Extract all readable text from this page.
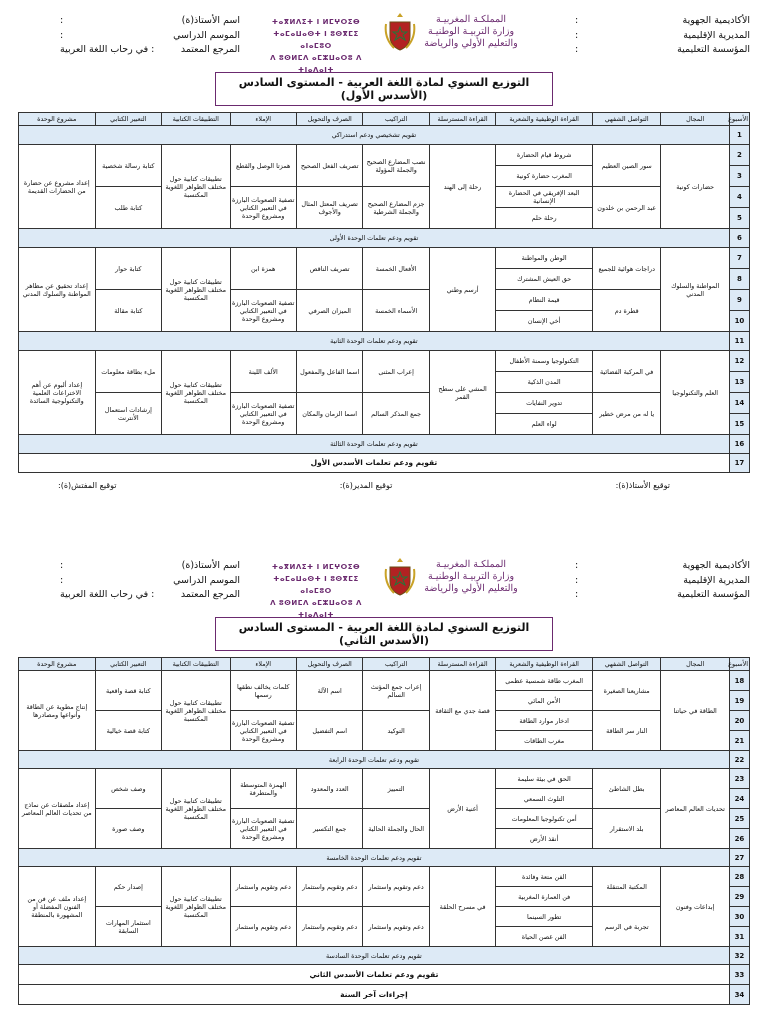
الأكاديمية الجهوية
:
المديرية الإقليمية
:
المؤسسة التعليمية
:
المملكـة المغربيـة
وزارة التربيـة الوطنيـة
والتعليم الأولي والرياضة
ⵜⴰⴳⵍⴷⵉⵜ ⵏ ⵍⵎⵖⵔⵉⴱ
ⵜⴰⵎⴰⵡⴰⵙⵜ ⵏ ⵓⵙⴳⵎⵉ ⴰⵏⴰⵎⵓⵔ
ⴷ ⵓⵙⵍⵎⴷ ⴰⵎⵣⵡⴰⵔⵓ ⴷ ⵜⵏⴰⴷⴰⵏⵜ
اسم الأستاذ(ة)
:
الموسم الدراسي
:
المرجع المعتمد
: في رحاب اللغة العربية
التوزيع السنوي لمادة اللغة العربية - المستوى السادس (الأسدس الأول)
الأسبوع	المجال	التواصل الشفهي	القراءة الوظيفية والشعرية	القراءة المسترسلة	التراكيب	الصرف والتحويل	الإملاء	التطبيقات الكتابية	التعبير الكتابي	مشروع الوحدة
1	تقويم تشخيصي ودعم استدراكي									
2	حضارات كونية	سور الصين العظيم	شروط قيام الحضارة	رحلة إلى الهند	نصب المضارع الصحيح والجملة المؤولة	تصريف الفعل الصحيح	همزتا الوصل والقطع	تطبيقات كتابية حول مختلف الظواهر اللغوية المكتسبة	كتابة رسالة شخصية	إعداد مشروع عن حضارة من الحضارات القديمة
3			المغرب حضارة كونية							
4		عبد الرحمن بن خلدون	البعد الإفريقي في الحضارة الإنسانية		جزم المضارع الصحيح والجملة الشرطية	تصريف المعتل المثال والأجوف	تصفية الصعوبات البارزة في التعبير الكتابي ومشروع الوحدة		كتابة طلب	
5			رحلة حلم							
6	تقويم ودعم تعلمات الوحدة الأولى									
7	المواطنة والسلوك المدني	دراجات هوائية للجميع	الوطن والمواطنة	أرسم وطني	الأفعال الخمسة	تصريف الناقص	همزة ابن	تطبيقات كتابية حول مختلف الظواهر اللغوية المكتسبة	كتابة حوار	إعداد تحقيق عن مظاهر المواطنة والسلوك المدني
8			حق العيش المشترك							
9		قطرة دم	قيمة النظام		الأسماء الخمسة	الميزان الصرفي	تصفية الصعوبات البارزة في التعبير الكتابي ومشروع الوحدة		كتابة مقالة	
10			أخي الإنسان							
11	تقويم ودعم تعلمات الوحدة الثانية									
12	العلم والتكنولوجيا	في المركبة الفضائية	التكنولوجيا وسمنة الأطفال	المشي على سطح القمر	إعراب المثنى	اسما الفاعل والمفعول	الألف اللينة	تطبيقات كتابية حول مختلف الظواهر اللغوية المكتسبة	ملء بطاقة معلومات	إعداد ألبوم عن أهم الاختراعات العلمية والتكنولوجية السائدة
13			المدن الذكية							
14		يا له من مرض خطير	تدوير النفايات		جمع المذكر السالم	اسما الزمان والمكان	تصفية الصعوبات البارزة في التعبير الكتابي ومشروع الوحدة		إرشادات استعمال الأنترنت	
15			لواء العلم							
16	تقويم ودعم تعلمات الوحدة الثالثة									
17	تقويم ودعم تعلمات الأسدس الأول									
توقيع الأستاذ(ة):
توقيع المدير(ة):
توقيع المفتش(ة):
الأكاديمية الجهوية
:
المديرية الإقليمية
:
المؤسسة التعليمية
:
المملكـة المغربيـة
وزارة التربيـة الوطنيـة
والتعليم الأولي والرياضة
ⵜⴰⴳⵍⴷⵉⵜ ⵏ ⵍⵎⵖⵔⵉⴱ
ⵜⴰⵎⴰⵡⴰⵙⵜ ⵏ ⵓⵙⴳⵎⵉ ⴰⵏⴰⵎⵓⵔ
ⴷ ⵓⵙⵍⵎⴷ ⴰⵎⵣⵡⴰⵔⵓ ⴷ ⵜⵏⴰⴷⴰⵏⵜ
اسم الأستاذ(ة)
:
الموسم الدراسي
:
المرجع المعتمد
: في رحاب اللغة العربية
التوزيع السنوي لمادة اللغة العربية - المستوى السادس (الأسدس الثاني)
الأسبوع	المجال	التواصل الشفهي	القراءة الوظيفية والشعرية	القراءة المسترسلة	التراكيب	الصرف والتحويل	الإملاء	التطبيقات الكتابية	التعبير الكتابي	مشروع الوحدة
18	الطاقة في حياتنا	مشاريعنا الصغيرة	المغرب طاقة شمسية عظمى	قصة جدي مع الثقافة	إعراب جمع المؤنث السالم	اسم الآلة	كلمات يخالف نطقها رسمها	تطبيقات كتابية حول مختلف الظواهر اللغوية المكتسبة	كتابة قصة واقعية	إنتاج مطوية عن الطاقة وأنواعها ومصادرها
19			الأمن المائي							
20		النار سر الطاقة	ادخار موارد الطاقة		التوكيد	اسم التفضيل	تصفية الصعوبات البارزة في التعبير الكتابي ومشروع الوحدة		كتابة قصة خيالية	
21			مغرب الطاقات							
22	تقويم ودعم تعلمات الوحدة الرابعة									
23	تحديات العالم المعاصر	بطل الشاطئ	الحق في بيئة سليمة	أغنية الأرض	التمييز	العدد والمعدود	الهمزة المتوسطة والمتطرفة	تطبيقات كتابية حول مختلف الظواهر اللغوية المكتسبة	وصف شخص	إعداد ملصقات عن نماذج من تحديات العالم المعاصر
24			التلوث السمعي							
25		بلد الاستقرار	أمن تكنولوجيا المعلومات		الحال والجملة الحالية	جمع التكسير	تصفية الصعوبات البارزة في التعبير الكتابي ومشروع الوحدة		وصف صورة	
26			أنقذ الأرض							
27	تقويم ودعم تعلمات الوحدة الخامسة									
28	إبداعات وفنون	المكتبة المتنقلة	الفن متعة وفائدة	في مسرح الحلقة	دعم وتقويم واستثمار	دعم وتقويم واستثمار	دعم وتقويم واستثمار	تطبيقات كتابية حول مختلف الظواهر اللغوية المكتسبة	إصدار حكم	إعداد ملف عن فن من الفنون المفضلة أو المشهورة بالمنطقة
29			فن العمارة المغربية							
30		تجربة في الرسم	تطور السينما		دعم وتقويم واستثمار	دعم وتقويم واستثمار	دعم وتقويم واستثمار		استثمار المهارات السابقة	
31			الفن غصن الحياة							
32	تقويم ودعم تعلمات الوحدة السادسة									
33	تقويم ودعم تعلمات الأسدس الثاني									
34	إجراءات آخر السنة									
